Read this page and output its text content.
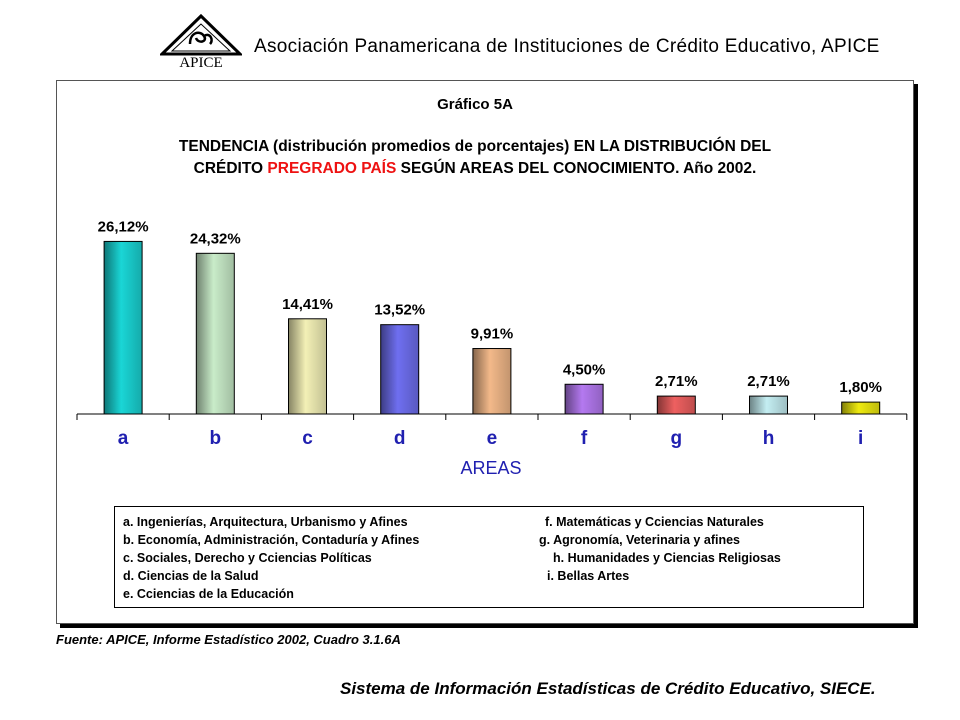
APICE
Asociación Panamericana de Instituciones de Crédito Educativo, APICE
Gráfico 5A
TENDENCIA (distribución promedios de porcentajes) EN LA DISTRIBUCIÓN DEL
CRÉDITO PREGRADO PAÍS SEGÚN AREAS DEL CONOCIMIENTO. Año 2002.
26,12%
24,32%
14,41%	13,52%
9,91%
4,50%
2,71%	2,71%	1,80%
a	b	c	d	e	f	g	h	i
AREAS
a. Ingenierías, Arquitectura, Urbanismo y Afines
b. Economía, Administración, Contaduría y Afines
c. Sociales, Derecho y Cciencias Políticas
d. Ciencias de la Salud
e. Cciencias de la Educación
f. Matemáticas y Cciencias Naturales
g. Agronomía, Veterinaria y afines
h. Humanidades y Ciencias Religiosas
i. Bellas Artes
Fuente: APICE, Informe Estadístico 2002, Cuadro 3.1.6A
Sistema de Información Estadísticas de Crédito Educativo, SIECE.
